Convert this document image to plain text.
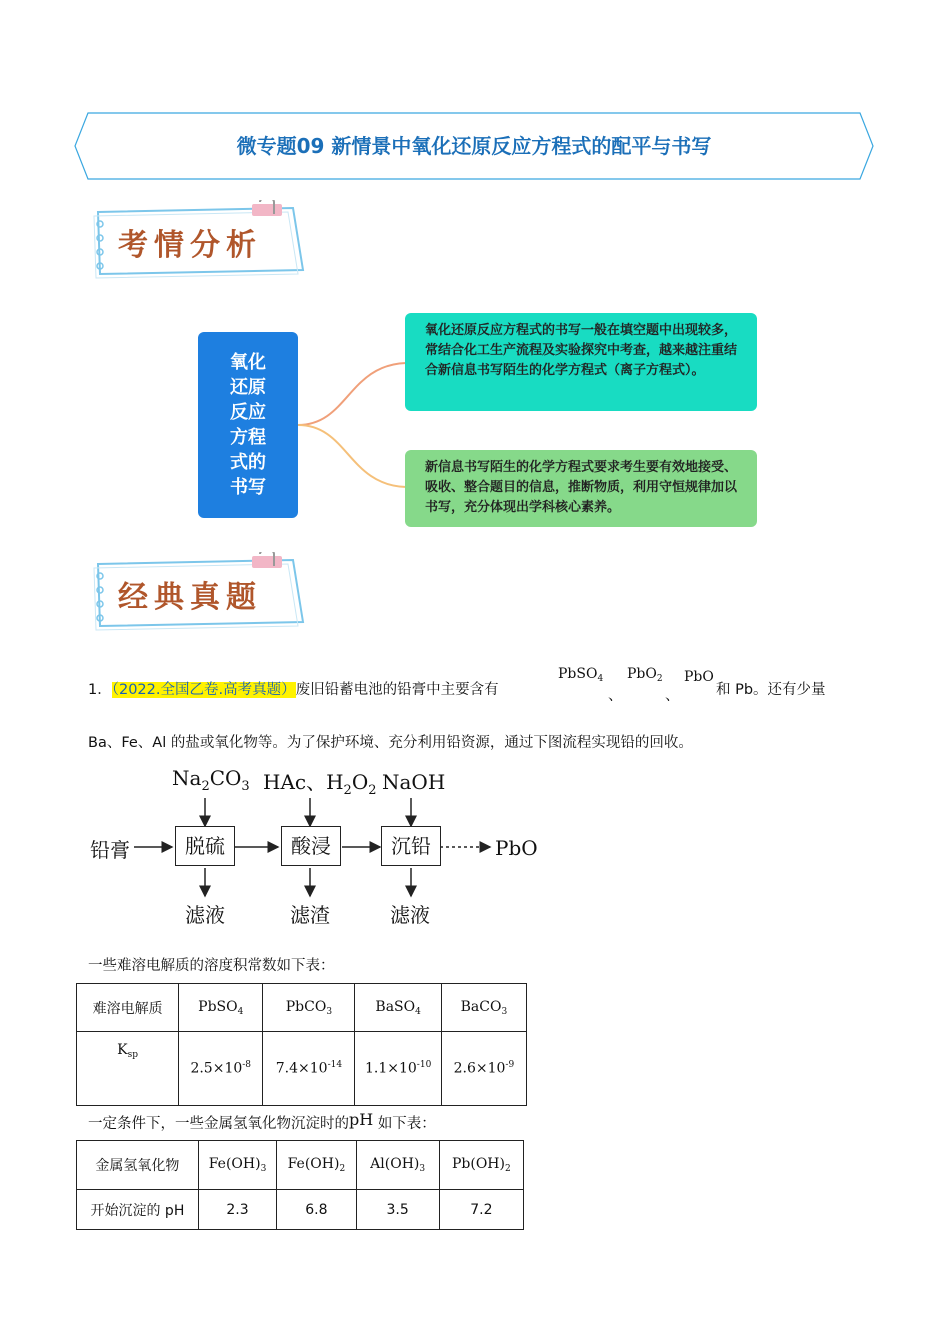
微专题09 新情景中氧化还原反应方程式的配平与书写
考情分析
氧化还原反应方程式的书写
氧化还原反应方程式的书写一般在填空题中出现较多，常结合化工生产流程及实验探究中考查，越来越注重结合新信息书写陌生的化学方程式（离子方程式）。
新信息书写陌生的化学方程式要求考生要有效地接受、吸收、整合题目的信息，推断物质，利用守恒规律加以书写，充分体现出学科核心素养。
经典真题
1．（2022.全国乙卷.高考真题）废旧铅蓄电池的铅膏中主要含有
PbSO$_4$
、
PbO$_2$
、
PbO
和 Pb。还有少量
Ba、Fe、Al 的盐或氧化物等。为了保护环境、充分利用铅资源，通过下图流程实现铅的回收。
铅膏	脱硫	酸浸	沉铅	PbO
$Na_2CO_3$ HAc、$H_2O_2$ NaOH
滤液	滤渣	滤液
一些难溶电解质的溶度积常数如下表：
难溶电解质	PbSO$_4$	PbCO$_3$	BaSO$_4$	BaCO$_3$
$K_{sp}$	$2.5\times 10^{-8}$	$7.4\times 10^{-14}$	$1.1\times 10^{-10}$	$2.6\times 10^{-9}$
一定条件下，一些金属氢氧化物沉淀时的pH 如下表：
金属氢氧化物	$Fe(OH)_3$	$Fe(OH)_2$	$Al(OH)_3$	$Pb(OH)_2$
开始沉淀的 pH	2.3	6.8	3.5	7.2
